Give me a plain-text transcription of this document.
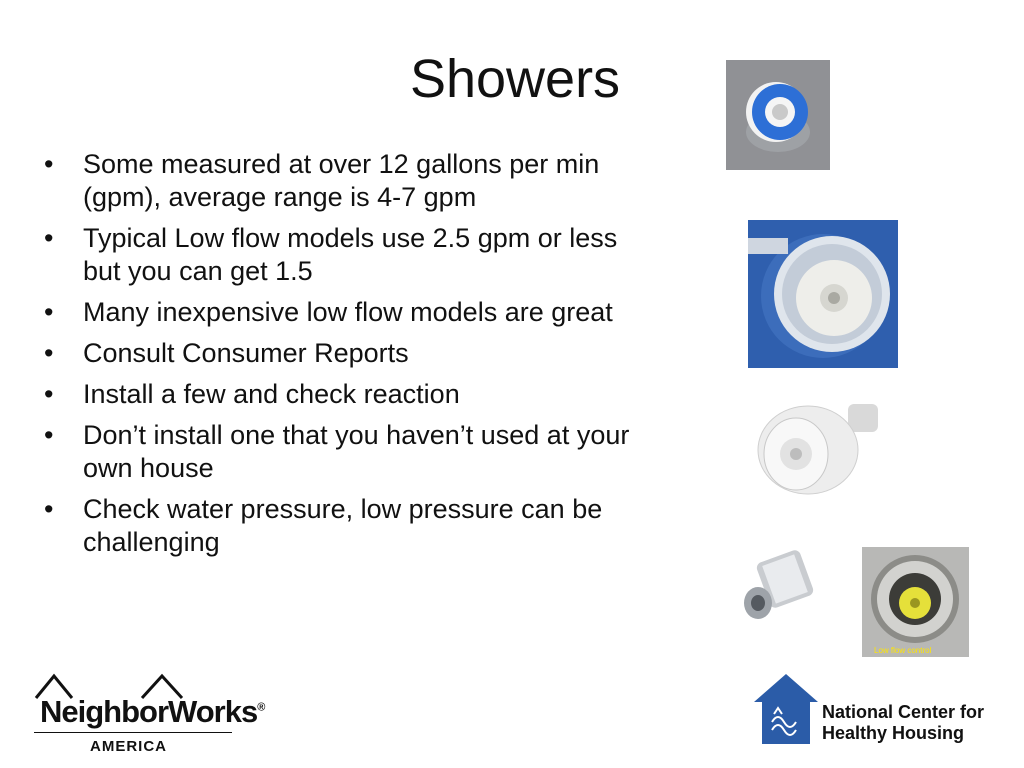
Showers
• Some measured at over 12 gallons per min (gpm), average range is 4-7 gpm
• Typical Low flow models use 2.5 gpm or less but you can get 1.5
• Many inexpensive low flow models are great
• Consult Consumer Reports
• Install a few and check reaction
• Don’t install one that you haven’t used at your own house
• Check water pressure, low pressure can be challenging
Low flow control
NeighborWorks®
AMERICA
National Center for
Healthy Housing
